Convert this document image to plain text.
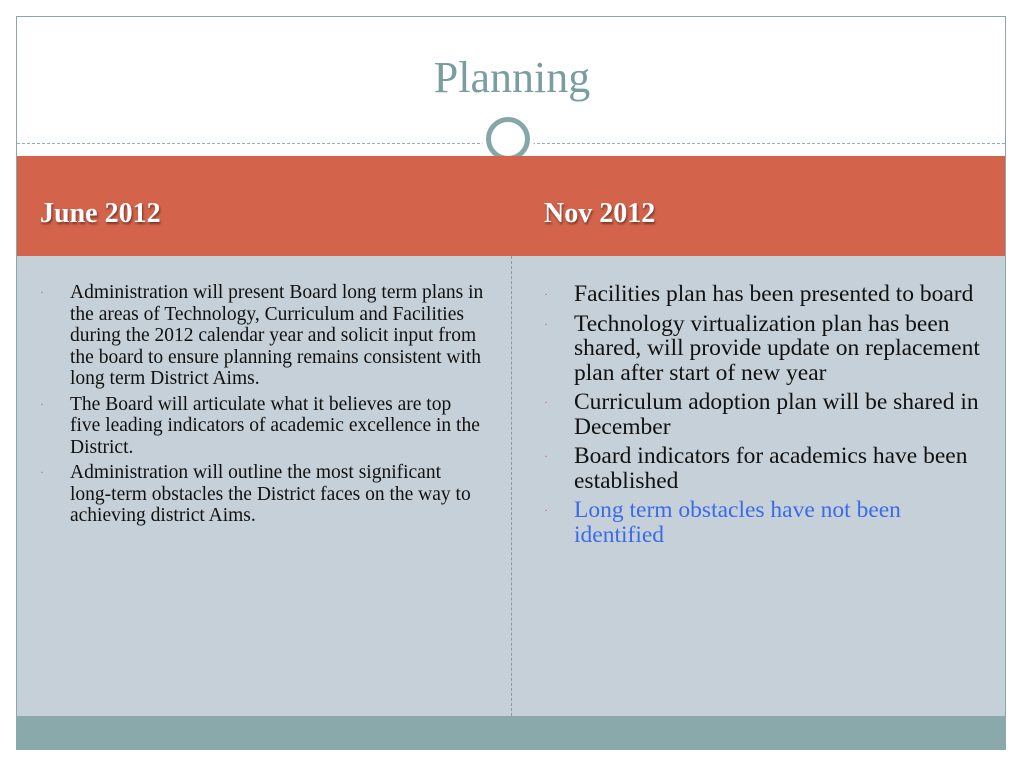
Planning
June 2012	Nov 2012
· Administration will present Board long term plans in the areas of Technology, Curriculum and Facilities during the 2012 calendar year and solicit input from the board to ensure planning remains consistent with long term District Aims.
· The Board will articulate what it believes are top five leading indicators of academic excellence in the District.
· Administration will outline the most significant long-term obstacles the District faces on the way to achieving district Aims.
· Facilities plan has been presented to board
· Technology virtualization plan has been shared, will provide update on replacement plan after start of new year
· Curriculum adoption plan will be shared in December
· Board indicators for academics have been established
· Long term obstacles have not been identified
